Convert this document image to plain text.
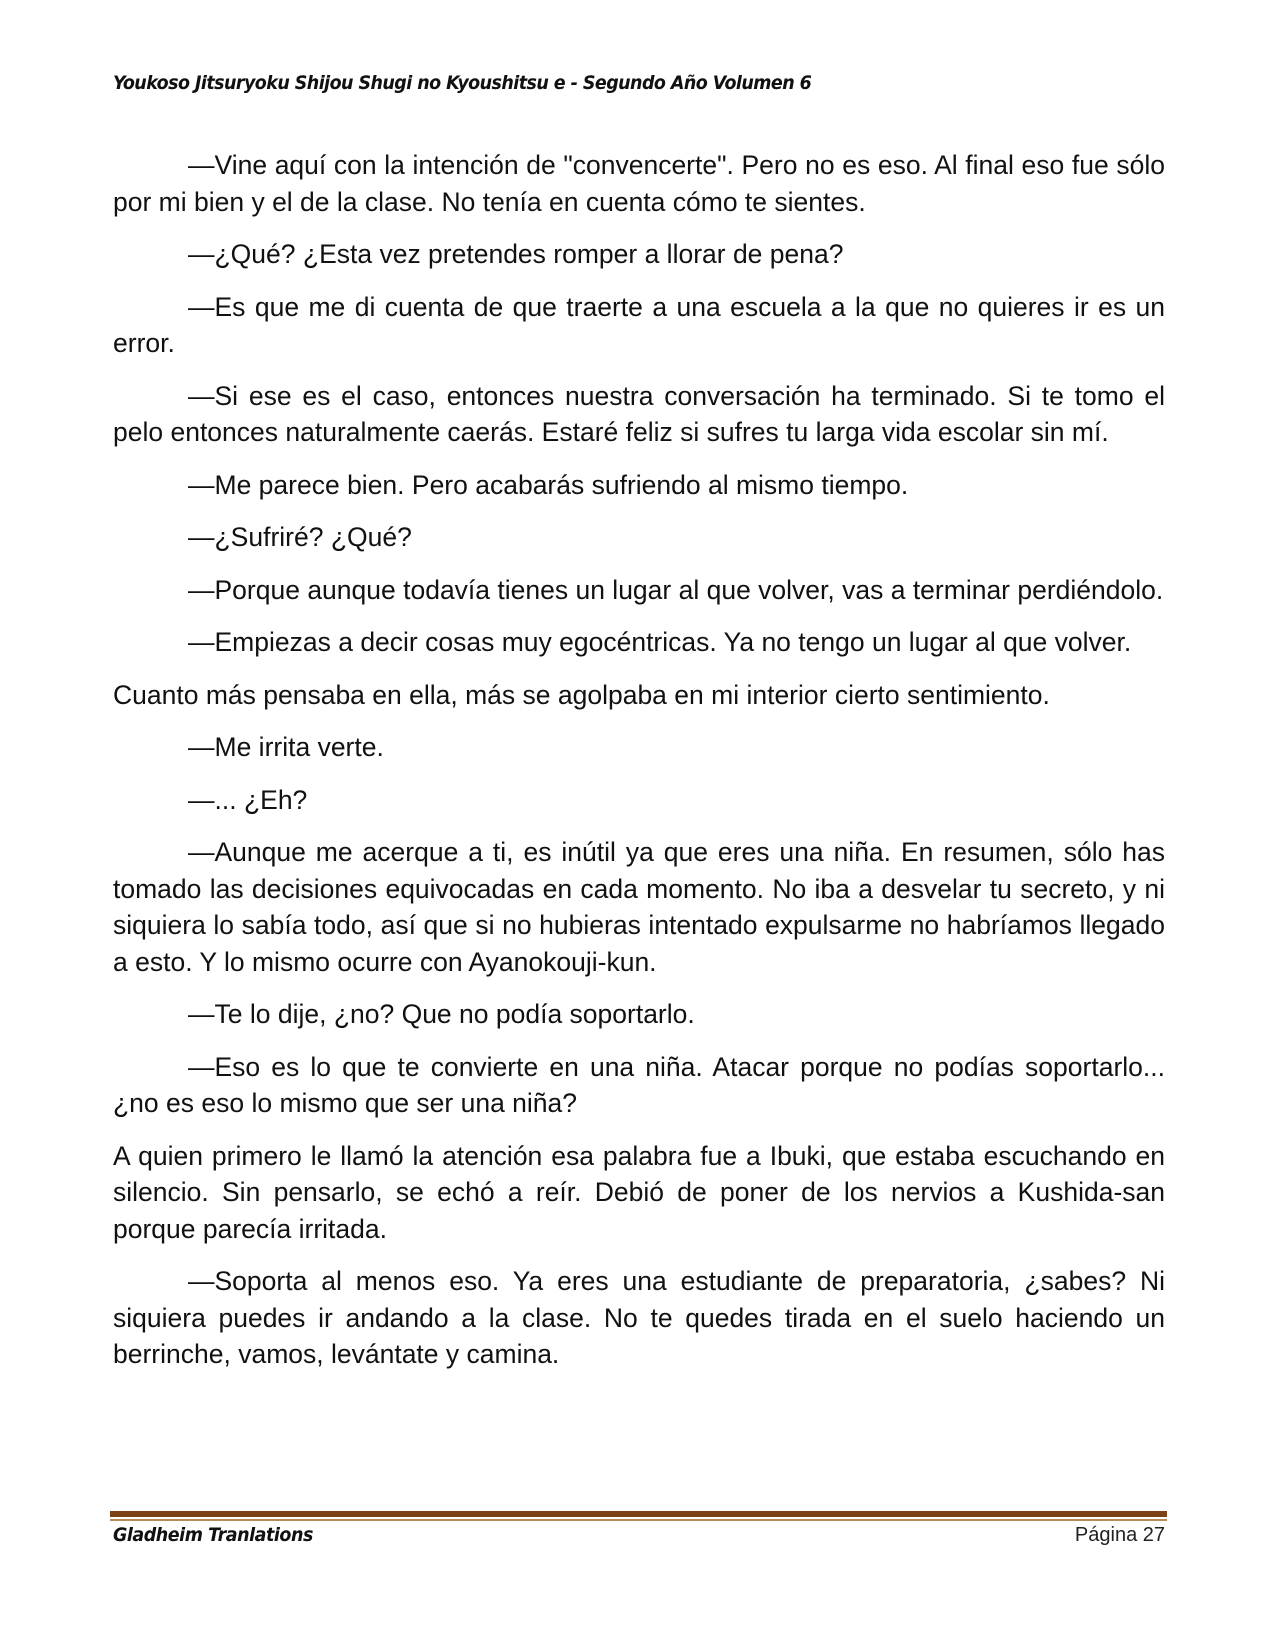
Youkoso Jitsuryoku Shijou Shugi no Kyoushitsu e - Segundo Año Volumen 6

—Vine aquí con la intención de "convencerte". Pero no es eso. Al final eso fue sólo por mi bien y el de la clase. No tenía en cuenta cómo te sientes.

—¿Qué? ¿Esta vez pretendes romper a llorar de pena?

—Es que me di cuenta de que traerte a una escuela a la que no quieres ir es un error.

—Si ese es el caso, entonces nuestra conversación ha terminado. Si te tomo el pelo entonces naturalmente caerás. Estaré feliz si sufres tu larga vida escolar sin mí.

—Me parece bien. Pero acabarás sufriendo al mismo tiempo.

—¿Sufriré? ¿Qué?

—Porque aunque todavía tienes un lugar al que volver, vas a terminar perdiéndolo.

—Empiezas a decir cosas muy egocéntricas. Ya no tengo un lugar al que volver.

Cuanto más pensaba en ella, más se agolpaba en mi interior cierto sentimiento.

—Me irrita verte.

—... ¿Eh?

—Aunque me acerque a ti, es inútil ya que eres una niña. En resumen, sólo has tomado las decisiones equivocadas en cada momento. No iba a desvelar tu secreto, y ni siquiera lo sabía todo, así que si no hubieras intentado expulsarme no habríamos llegado a esto. Y lo mismo ocurre con Ayanokouji-kun.

—Te lo dije, ¿no? Que no podía soportarlo.

—Eso es lo que te convierte en una niña. Atacar porque no podías soportarlo... ¿no es eso lo mismo que ser una niña?

A quien primero le llamó la atención esa palabra fue a Ibuki, que estaba escuchando en silencio. Sin pensarlo, se echó a reír. Debió de poner de los nervios a Kushida-san porque parecía irritada.

—Soporta al menos eso. Ya eres una estudiante de preparatoria, ¿sabes? Ni siquiera puedes ir andando a la clase. No te quedes tirada en el suelo haciendo un berrinche, vamos, levántate y camina.

Gladheim Tranlations	Página 27
